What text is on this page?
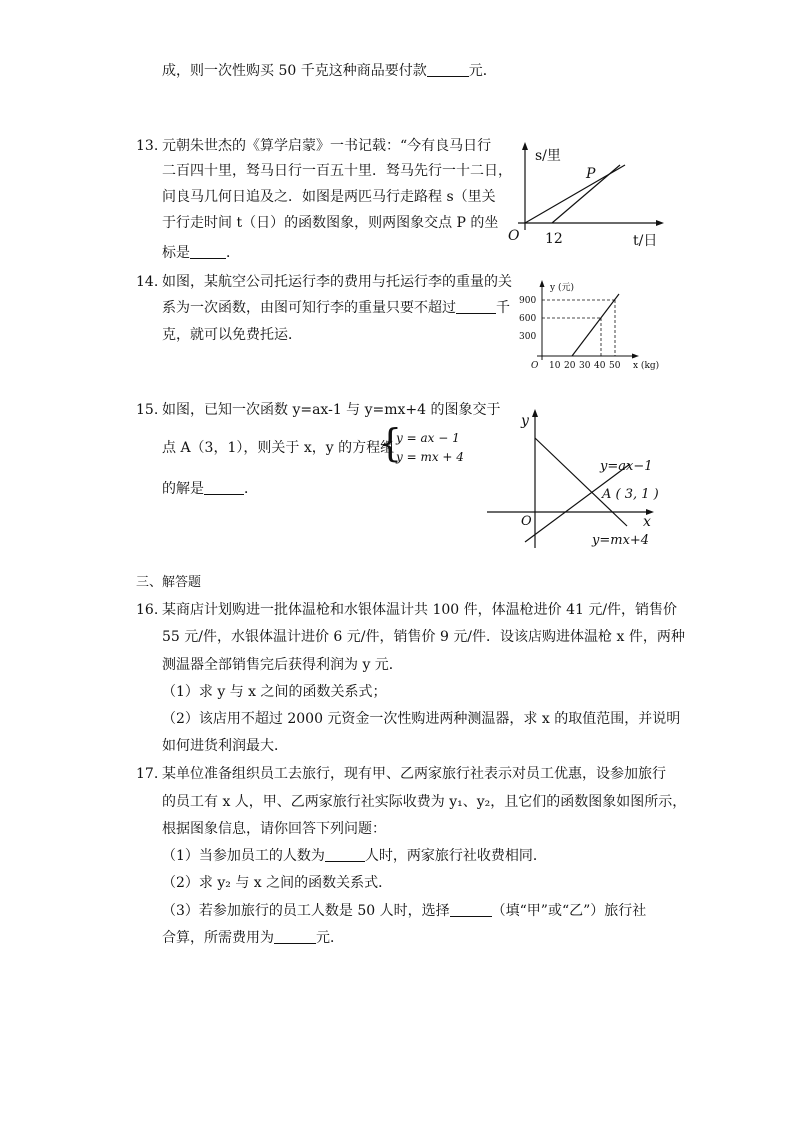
成，则一次性购买 50 千克这种商品要付款	元．
13. 元朝朱世杰的《算学启蒙》一书记载：“今有良马日行
二百四十里，驽马日行一百五十里．驽马先行一十二日，
问良马几何日追及之．如图是两匹马行走路程 s（里关
于行走时间 t（日）的函数图象，则两图象交点 P 的坐
标是	．
s/里
t/日
O 12
P
14. 如图，某航空公司托运行李的费用与托运行李的重量的关
系为一次函数，由图可知行李的重量只要不超过	千
克，就可以免费托运．
y (元)
900
600
300
O 10 20 30 40 50 x (kg)
15. 如图，已知一次函数 y=ax-1 与 y=mx+4 的图象交于
点 A（3，1），则关于 x，y 的方程组
{
y = ax − 1
y = mx + 4
的解是	．
y
x
O
y=ax−1
A ( 3, 1 )
y=mx+4
三、解答题
16. 某商店计划购进一批体温枪和水银体温计共 100 件，体温枪进价 41 元/件，销售价
55 元/件，水银体温计进价 6 元/件，销售价 9 元/件．设该店购进体温枪 x 件，两种
测温器全部销售完后获得利润为 y 元．
（1）求 y 与 x 之间的函数关系式；
（2）该店用不超过 2000 元资金一次性购进两种测温器，求 x 的取值范围，并说明
如何进货利润最大．
17. 某单位准备组织员工去旅行，现有甲、乙两家旅行社表示对员工优惠，设参加旅行
的员工有 x 人，甲、乙两家旅行社实际收费为 y₁、y₂，且它们的函数图象如图所示，
根据图象信息，请你回答下列问题：
（1）当参加员工的人数为	人时，两家旅行社收费相同．
（2）求 y₂ 与 x 之间的函数关系式．
（3）若参加旅行的员工人数是 50 人时，选择	（填“甲”或“乙”）旅行社
合算，所需费用为	元．
